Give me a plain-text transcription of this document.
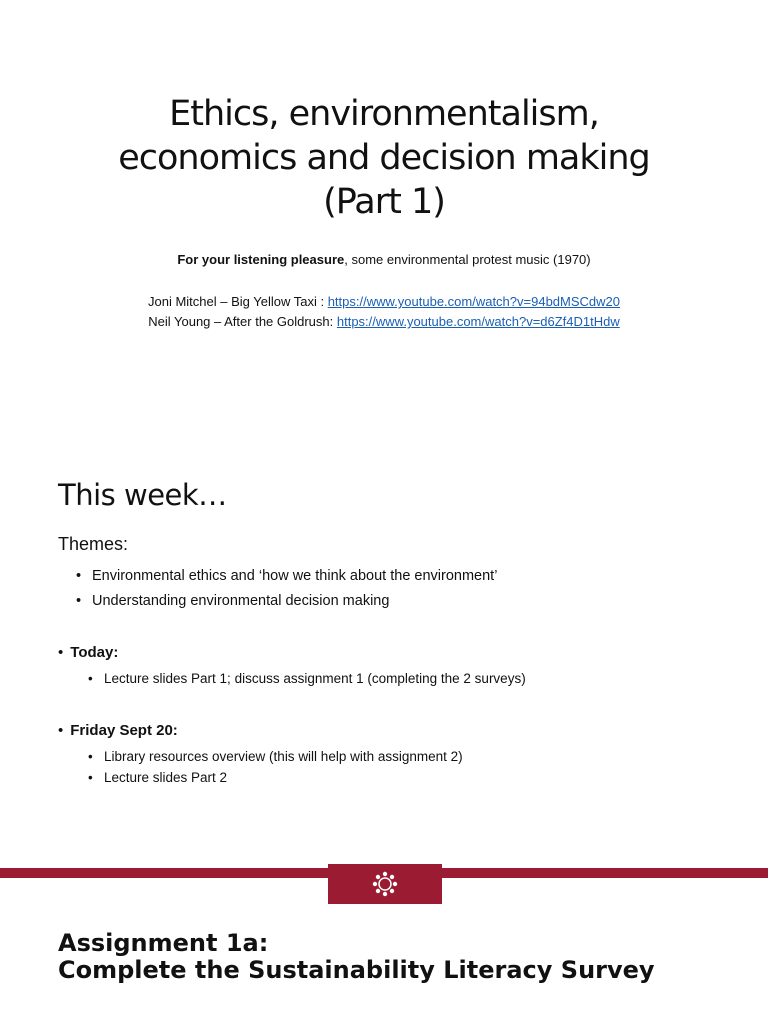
Ethics, environmentalism,
economics and decision making
(Part 1)
For your listening pleasure, some environmental protest music (1970)
Joni Mitchel – Big Yellow Taxi : https://www.youtube.com/watch?v=94bdMSCdw20
Neil Young – After the Goldrush: https://www.youtube.com/watch?v=d6Zf4D1tHdw
This week…
Themes:
• Environmental ethics and ‘how we think about the environment’
• Understanding environmental decision making
• Today:
• Lecture slides Part 1; discuss assignment 1 (completing the 2 surveys)
• Friday Sept 20:
• Library resources overview (this will help with assignment 2)
• Lecture slides Part 2
Assignment 1a:
Complete the Sustainability Literacy Survey
